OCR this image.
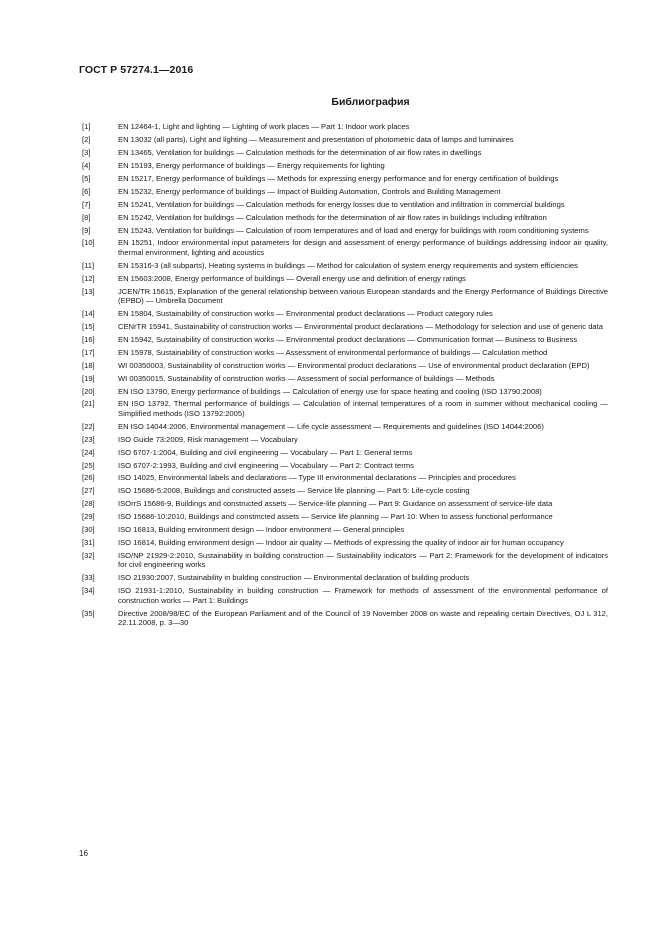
ГОСТ Р 57274.1—2016
Библиография
[1]	EN 12464-1, Light and lighting — Lighting of work places — Part 1: Indoor work places
[2]	EN 13032 (all parts), Light and lighting — Measurement and presentation of photometric data of lamps and luminaires
[3]	EN 13465, Ventilation for buildings — Calculation methods for the determination of air flow rates in dwellings
[4]	EN 15193, Energy performance of buildings — Energy requirements for lighting
[5]	EN 15217, Energy performance of buildings — Methods for expressing energy performance and for energy certification of buildings
[6]	EN 15232, Energy performance of buildings — Impact of Building Automation, Controls and Building Management
[7]	EN 15241, Ventilation for buildings — Calculation methods for energy losses due to ventilation and infiltration in commercial buildings
[8]	EN 15242, Ventilation for buildings — Calculation methods for the determination of air flow rates in buildings including infiltration
[9]	EN 15243, Ventilation for buildings — Calculation of room temperatures and of load and energy for buildings with room conditioning systems
[10]	EN 15251, Indoor environmental input parameters for design and assessment of energy performance of buildings addressing indoor air quality, thermal environment, lighting and acoustics
[11]	EN 15316-3 (all subparts), Heating systems in buildings — Method for calculation of system energy requirements and system efficiencies
[12]	EN 15603:2008, Energy performance of buildings — Overall energy use and definition of energy ratings
[13]	JCEN/TR 15615, Explanation of the general relationship between various European standards and the Energy Performance of Buildings Directive (EPBD) — Umbrella Document
[14]	EN 15804, Sustainability of construction works — Environmental product declarations — Product category rules
[15]	CENrTR 15941, Sustainability of construction works — Environmental product declarations — Methodology for selection and use of generic data
[16]	EN 15942, Sustainability of construction works — Environmental product declarations — Communication format — Business to Business
[17]	EN 15978, Sustainability of construction works — Assessment of environmental performance of buildings — Calculation method
[18]	WI 00350003, Sustainability of construction works — Environmental product declarations — Use of environmental product declaration (EPD)
[19]	WI 00350015, Sustainability of construction works — Assessment of social performance of buildings — Methods
[20]	EN ISO 13790, Energy performance of buildings — Calculation of energy use for space heating and cooling (ISO 13790:2008)
[21]	EN ISO 13792, Thermal performance of buildings — Calculation of internal temperatures of a room in summer without mechanical cooling — Simplified methods (ISO 13792:2005)
[22]	EN ISO 14044:2006, Environmental management — Life cycle assessment — Requirements and guidelines (ISO 14044:2006)
[23]	ISO Guide 73:2009, Risk management — Vocabulary
[24]	ISO 6707-1:2004, Building and civil engineering — Vocabulary — Part 1: General terms
[25]	ISO 6707-2:1993, Building and civil engineering — Vocabulary — Part 2: Contract terms
[26]	ISO 14025, Environmental labels and declarations — Type III environmental declarations — Principles and procedures
[27]	ISO 15686-5:2008, Buildings and constructed assets — Service life planning — Part 5: Life-cycle costing
[28]	ISOrrS 15686-9, Buildings and constructed assets — Service-life planning — Part 9: Guidance on assessment of service-life data
[29]	ISO 15686-10:2010, Buildings and constmcted assets — Service life planning — Part 10: When to assess functional performance
[30]	ISO 16813, Building environment design — Indoor environment — General principles
[31]	ISO 16814, Building environment design — Indoor air quality — Methods of expressing the quality of indoor air for human occupancy
[32]	ISO/NP 21929-2:2010, Sustainability in building construction — Sustainability indicators — Part 2: Framework for the development of indicators for civil engineering works
[33]	ISO 21930:2007, Sustainability in building construction — Environmental declaration of building products
[34]	ISO 21931-1:2010, Sustainability in building construction — Framework for methods of assessment of the environmental performance of construction works — Part 1: Buildings
[35]	Directive 2008/98/EC of the European Parliament and of the Council of 19 November 2008 on waste and repealing certain Directives, OJ L 312, 22.11.2008, p. 3—30
16
